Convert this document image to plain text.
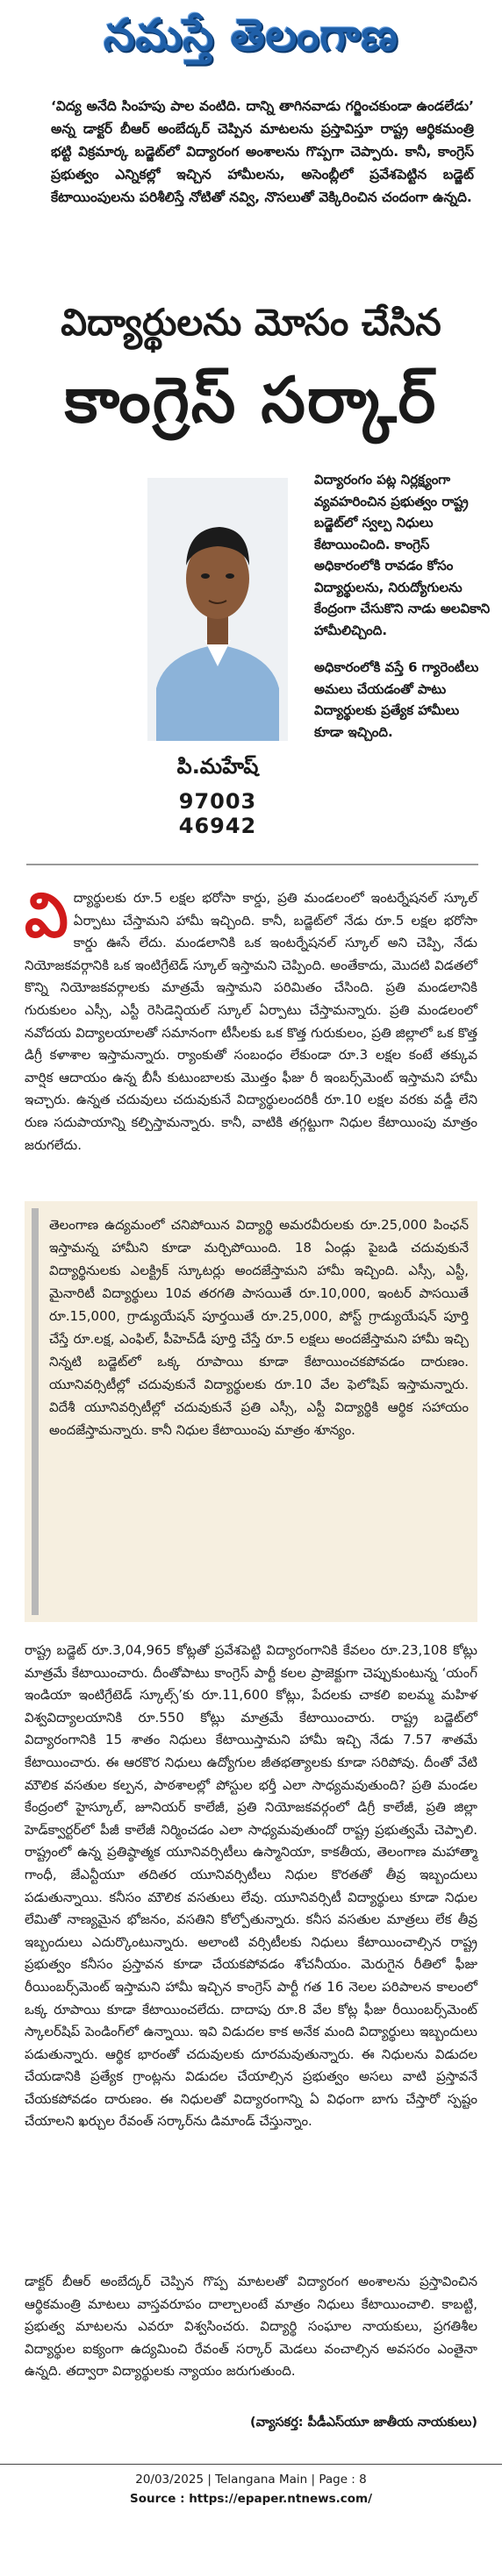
నమస్తే తెలంగాణ

‘విద్య అనేది సింహపు పాల వంటిది. దాన్ని తాగినవాడు గర్జించకుండా ఉండలేడు’ అన్న డాక్టర్ బీఆర్ అంబేద్కర్ చెప్పిన మాటలను ప్రస్తావిస్తూ రాష్ట్ర ఆర్థికమంత్రి భట్టి విక్రమార్క బడ్జెట్‌లో విద్యారంగ అంశాలను గొప్పగా చెప్పారు. కానీ, కాంగ్రెస్ ప్రభుత్వం ఎన్నికల్లో ఇచ్చిన హామీలను, అసెంబ్లీలో ప్రవేశపెట్టిన బడ్జెట్ కేటాయింపులను పరిశీలిస్తే నోటితో నవ్వి, నొసలుతో వెక్కిరించిన చందంగా ఉన్నది.

విద్యార్థులను మోసం చేసిన
కాంగ్రెస్ సర్కార్

పి.మహేష్

97003 46942

విద్యారంగం పట్ల నిర్లక్ష్యంగా వ్యవహరించిన ప్రభుత్వం రాష్ట్ర బడ్జెట్‌లో స్వల్ప నిధులు కేటాయించింది. కాంగ్రెస్ అధికారంలోకి రావడం కోసం విద్యార్థులను, నిరుద్యోగులను కేంద్రంగా చేసుకొని నాడు అలవికాని హామీలిచ్చింది.

అధికారంలోకి వస్తే 6 గ్యారెంటీలు అమలు చేయడంతో పాటు విద్యార్థులకు ప్రత్యేక హామీలు కూడా ఇచ్చింది.

విద్యార్థులకు రూ.5 లక్షల భరోసా కార్డు, ప్రతి మండలంలో ఇంటర్నేషనల్ స్కూల్ ఏర్పాటు చేస్తామని హామీ ఇచ్చింది. కానీ, బడ్జెట్‌లో నేడు రూ.5 లక్షల భరోసా కార్డు ఊసే లేదు. మండలానికి ఒక ఇంటర్నేషనల్ స్కూల్ అని చెప్పి, నేడు నియోజకవర్గానికి ఒక ఇంటిగ్రేటెడ్ స్కూల్ ఇస్తామని చెప్పింది. అంతేకాదు, మొదటి విడతలో కొన్ని నియోజకవర్గాలకు మాత్రమే ఇస్తామని పరిమితం చేసింది. ప్రతి మండలానికి గురుకులం ఎస్సీ, ఎస్టీ రెసిడెన్షియల్ స్కూల్ ఏర్పాటు చేస్తామన్నారు. ప్రతి మండలంలో నవోదయ విద్యాలయాలతో సమానంగా టీసీలకు ఒక కొత్త గురుకులం, ప్రతి జిల్లాలో ఒక కొత్త డిగ్రీ కళాశాల ఇస్తామన్నారు. ర్యాంకుతో సంబంధం లేకుండా రూ.3 లక్షల కంటే తక్కువ వార్షిక ఆదాయం ఉన్న బీసీ కుటుంబాలకు మొత్తం ఫీజు రీ ఇంబర్స్‌మెంట్ ఇస్తామని హామీ ఇచ్చారు. ఉన్నత చదువులు చదువుకునే విద్యార్థులందరికీ రూ.10 లక్షల వరకు వడ్డీ లేని రుణ సదుపాయాన్ని కల్పిస్తామన్నారు. కానీ, వాటికి తగ్గట్టుగా నిధుల కేటాయింపు మాత్రం జరుగలేదు.

తెలంగాణ ఉద్యమంలో చనిపోయిన విద్యార్థి అమరవీరులకు రూ.25,000 పింఛన్ ఇస్తామన్న హామీని కూడా మర్చిపోయింది. 18 ఏండ్లు పైబడి చదువుకునే విద్యార్థినులకు ఎలక్ట్రిక్ స్కూటర్లు అందజేస్తామని హామీ ఇచ్చింది. ఎస్సీ, ఎస్టీ, మైనారిటీ విద్యార్థులు 10వ తరగతి పాసయితే రూ.10,000, ఇంటర్ పాసయితే రూ.15,000, గ్రాడ్యుయేషన్ పూర్తయితే రూ.25,000, పోస్ట్ గ్రాడ్యుయేషన్ పూర్తి చేస్తే రూ.లక్ష, ఎంఫిల్, పీహెచ్‌డీ పూర్తి చేస్తే రూ.5 లక్షలు అందజేస్తామని హామీ ఇచ్చి నిన్నటి బడ్జెట్‌లో ఒక్క రూపాయి కూడా కేటాయించకపోవడం దారుణం. యూనివర్సిటీల్లో చదువుకునే విద్యార్థులకు రూ.10 వేల ఫెలోషిప్ ఇస్తామన్నారు. విదేశీ యూనివర్సిటీల్లో చదువుకునే ప్రతి ఎస్సీ, ఎస్టీ విద్యార్థికి ఆర్థిక సహాయం అందజేస్తామన్నారు. కానీ నిధుల కేటాయింపు మాత్రం శూన్యం.

రాష్ట్ర బడ్జెట్ రూ.3,04,965 కోట్లతో ప్రవేశపెట్టి విద్యారంగానికి కేవలం రూ.23,108 కోట్లు మాత్రమే కేటాయించారు. దీంతోపాటు కాంగ్రెస్ పార్టీ కలల ప్రాజెక్టుగా చెప్పుకుంటున్న ‘యంగ్ ఇండియా ఇంటిగ్రేటెడ్ స్కూల్స్’కు రూ.11,600 కోట్లు, పేదలకు చాకలి ఐలమ్మ మహిళ విశ్వవిద్యాలయానికి రూ.550 కోట్లు మాత్రమే కేటాయించారు. రాష్ట్ర బడ్జెట్‌లో విద్యారంగానికి 15 శాతం నిధులు కేటాయిస్తామని హామీ ఇచ్చి నేడు 7.57 శాతమే కేటాయించారు. ఈ ఆరకొర నిధులు ఉద్యోగుల జీతభత్యాలకు కూడా సరిపోవు. దీంతో వేటి మౌలిక వసతుల కల్పన, పాఠశాలల్లో పోస్టుల భర్తీ ఎలా సాధ్యమవుతుంది? ప్రతి మండల కేంద్రంలో హైస్కూల్, జూనియర్ కాలేజీ, ప్రతి నియోజకవర్గంలో డిగ్రీ కాలేజీ, ప్రతి జిల్లా హెడ్‌క్వార్టర్‌లో పీజీ కాలేజీ నిర్మించడం ఎలా సాధ్యమవుతుందో రాష్ట్ర ప్రభుత్వమే చెప్పాలి. రాష్ట్రంలో ఉన్న ప్రతిష్ఠాత్మక యూనివర్సిటీలు ఉస్మానియా, కాకతీయ, తెలంగాణ మహాత్మా గాంధీ, జేఎన్టీయూ తదితర యూనివర్సిటీలు నిధుల కొరతతో తీవ్ర ఇబ్బందులు పడుతున్నాయి. కనీసం మౌలిక వసతులు లేవు. యూనివర్సిటీ విద్యార్థులు కూడా నిధుల లేమితో నాణ్యమైన భోజనం, వసతిని కోల్పోతున్నారు. కనీస వసతుల మాత్రలు లేక తీవ్ర ఇబ్బందులు ఎదుర్కొంటున్నారు. అలాంటి వర్సిటీలకు నిధులు కేటాయించాల్సిన రాష్ట్ర ప్రభుత్వం కనీసం ప్రస్తావన కూడా చేయకపోవడం శోచనీయం. మెరుగైన రీతిలో ఫీజు రీయింబర్స్‌మెంట్ ఇస్తామని హామీ ఇచ్చిన కాంగ్రెస్ పార్టీ గత 16 నెలల పరిపాలన కాలంలో ఒక్క రూపాయి కూడా కేటాయించలేదు. దాదాపు రూ.8 వేల కోట్ల ఫీజు రీయింబర్స్‌మెంట్ స్కాలర్‌షిప్ పెండింగ్‌లో ఉన్నాయి. ఇవి విడుదల కాక అనేక మంది విద్యార్థులు ఇబ్బందులు పడుతున్నారు. ఆర్థిక భారంతో చదువులకు దూరమవుతున్నారు. ఈ నిధులను విడుదల చేయడానికి ప్రత్యేక గ్రాంట్లను విడుదల చేయాల్సిన ప్రభుత్వం అసలు వాటి ప్రస్తావనే చేయకపోవడం దారుణం. ఈ నిధులతో విద్యారంగాన్ని ఏ విధంగా బాగు చేస్తారో స్పష్టం చేయాలని ఖర్చుల రేవంత్ సర్కార్‌ను డిమాండ్ చేస్తున్నాం.

డాక్టర్ బీఆర్ అంబేద్కర్ చెప్పిన గొప్ప మాటలతో విద్యారంగ అంశాలను ప్రస్తావించిన ఆర్థికమంత్రి మాటలు వాస్తవరూపం దాల్చాలంటే మాత్రం నిధులు కేటాయించాలి. కాబట్టి, ప్రభుత్వ మాటలను ఎవరూ విశ్వసించరు. విద్యార్థి సంఘాల నాయకులు, ప్రగతిశీల విద్యార్థుల ఐక్యంగా ఉద్యమించి రేవంత్ సర్కార్ మెడలు వంచాల్సిన అవసరం ఎంతైనా ఉన్నది. తద్వారా విద్యార్థులకు న్యాయం జరుగుతుంది.

(వ్యాసకర్త: పీడీఎస్‌యూ జాతీయ నాయకులు)

20/03/2025 | Telangana Main | Page : 8

Source : https://epaper.ntnews.com/
